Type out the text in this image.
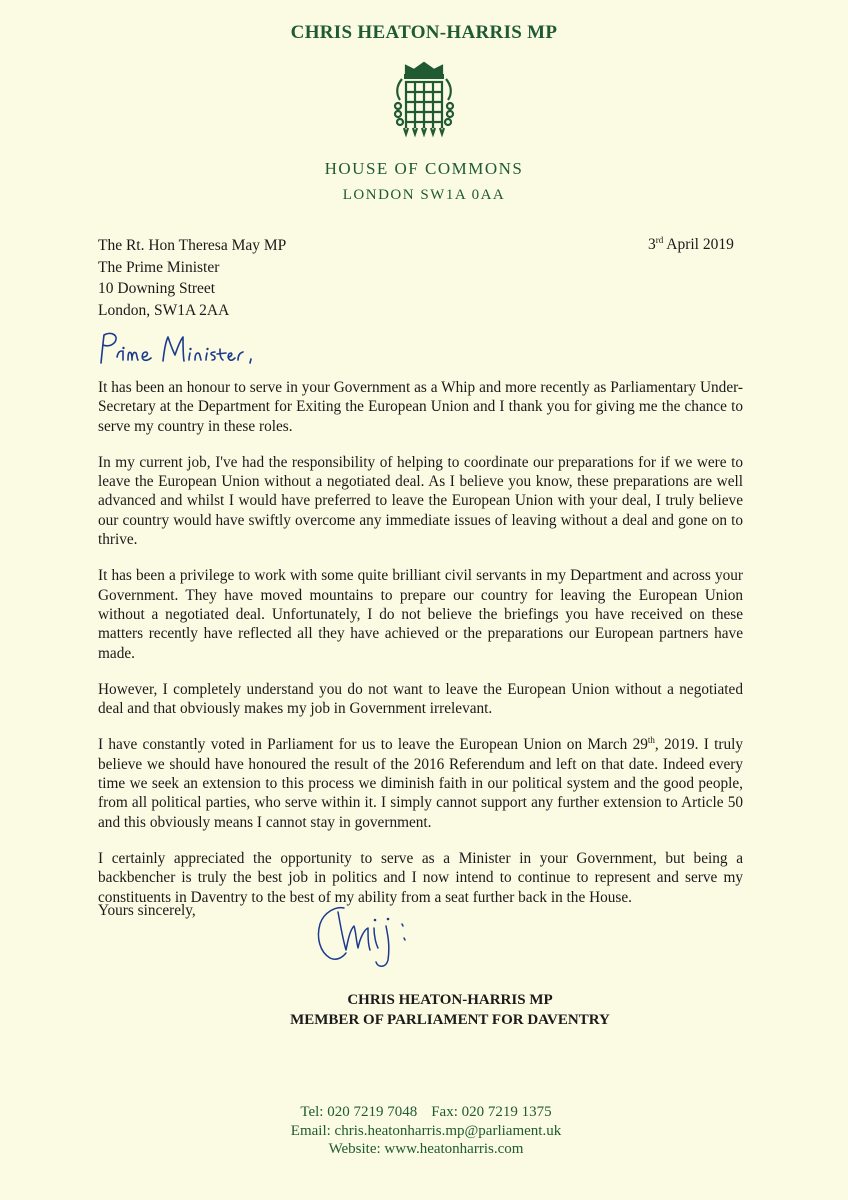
CHRIS HEATON-HARRIS MP
HOUSE OF COMMONS
LONDON SW1A 0AA
The Rt. Hon Theresa May MP
The Prime Minister
10 Downing Street
London, SW1A 2AA
3rd April 2019

It has been an honour to serve in your Government as a Whip and more recently as Parliamentary Under-Secretary at the Department for Exiting the European Union and I thank you for giving me the chance to serve my country in these roles.

In my current job, I've had the responsibility of helping to coordinate our preparations for if we were to leave the European Union without a negotiated deal. As I believe you know, these preparations are well advanced and whilst I would have preferred to leave the European Union with your deal, I truly believe our country would have swiftly overcome any immediate issues of leaving without a deal and gone on to thrive.

It has been a privilege to work with some quite brilliant civil servants in my Department and across your Government. They have moved mountains to prepare our country for leaving the European Union without a negotiated deal. Unfortunately, I do not believe the briefings you have received on these matters recently have reflected all they have achieved or the preparations our European partners have made.

However, I completely understand you do not want to leave the European Union without a negotiated deal and that obviously makes my job in Government irrelevant.

I have constantly voted in Parliament for us to leave the European Union on March 29th, 2019. I truly believe we should have honoured the result of the 2016 Referendum and left on that date. Indeed every time we seek an extension to this process we diminish faith in our political system and the good people, from all political parties, who serve within it. I simply cannot support any further extension to Article 50 and this obviously means I cannot stay in government.

I certainly appreciated the opportunity to serve as a Minister in your Government, but being a backbencher is truly the best job in politics and I now intend to continue to represent and serve my constituents in Daventry to the best of my ability from a seat further back in the House.

Yours sincerely,
CHRIS HEATON-HARRIS MP
MEMBER OF PARLIAMENT FOR DAVENTRY
Tel: 020 7219 7048 Fax: 020 7219 1375
Email: chris.heatonharris.mp@parliament.uk
Website: www.heatonharris.com
